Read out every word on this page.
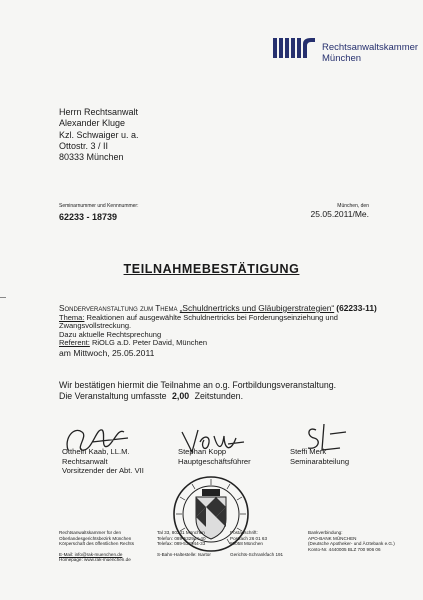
Rechtsanwaltskammer
München
Herrn Rechtsanwalt
Alexander Kluge
Kzl. Schwaiger u. a.
Ottostr. 3 / II
80333 München
Seminarnummer und Kennnummer:
62233 - 18739
München, den
25.05.2011/Me.
TEILNAHMEBESTÄTIGUNG
Sonderveranstaltung zum Thema „Schuldnertricks und Gläubigerstrategien“ (62233-11)
Thema: Reaktionen auf ausgewählte Schuldnertricks bei Forderungseinziehung und Zwangsvollstreckung.
Dazu aktuelle Rechtsprechung
Referent: RiOLG a.D. Peter David, München
am Mittwoch, 25.05.2011
Wir bestätigen hiermit die Teilnahme an o.g. Fortbildungsveranstaltung.
Die Veranstaltung umfasste 2,00 Zeitstunden.
Otthein Kaab, LL.M.
Rechtsanwalt
Vorsitzender der Abt. VII
Stephan Kopp
Hauptgeschäftsführer
Steffi Merk
Seminarabteilung
Rechtsanwaltskammer für den
Oberlandesgerichtsbezirk München
Körperschaft des öffentlichen Rechts
E-Mail: info@rak-muenchen.de
Homepage: www.rak-muenchen.de
Tal 33, 80331 München
Telefon: 089-532944-40
Telefax: 089-532944-33
S-Bahn-Haltestelle: Isartor
Postanschrift:
Postfach 26 01 63
80058 München
Gerichts-Schrankfach 191
Bankverbindung:
APO-BANK MÜNCHEN
(Deutsche Apotheker- und Ärztebank e.G.)
Konto-Nr. 4440005 BLZ 700 906 06
